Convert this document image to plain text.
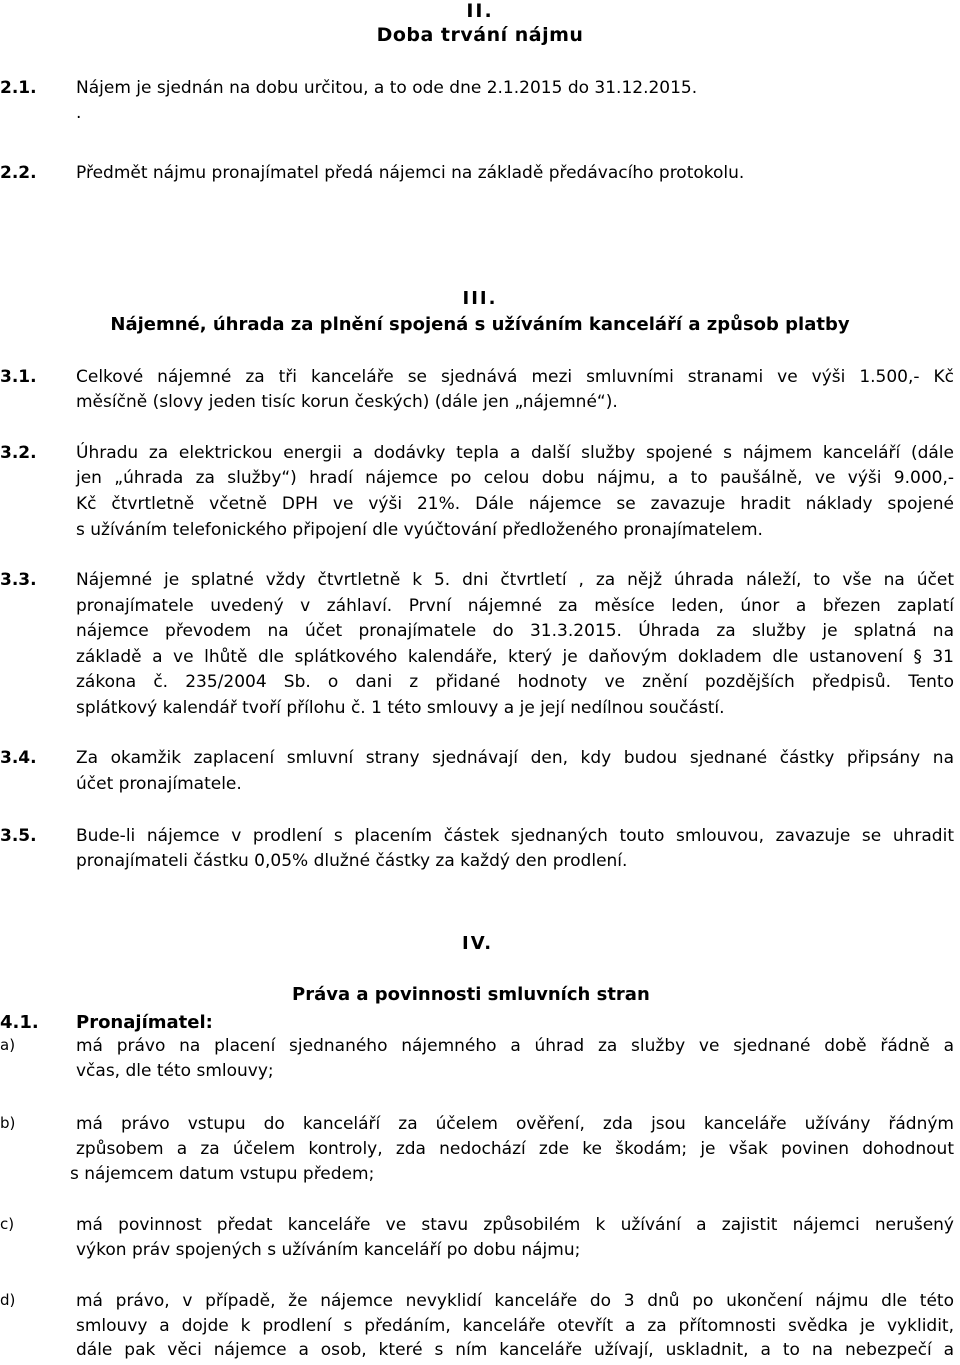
II.
Doba trvání nájmu
2.1. Nájem je sjednán na dobu určitou, a to ode dne 2.1.2015 do 31.12.2015.
.
2.2. Předmět nájmu pronajímatel předá nájemci na základě předávacího protokolu.
III.
Nájemné, úhrada za plnění spojená s užíváním kanceláří a způsob platby
3.1. Celkové nájemné za tři kanceláře se sjednává mezi smluvními stranami ve výši 1.500,- Kč
měsíčně (slovy jeden tisíc korun českých) (dále jen „nájemné“).
3.2. Úhradu za elektrickou energii a dodávky tepla a další služby spojené s nájmem kanceláří (dále
jen „úhrada za služby“) hradí nájemce po celou dobu nájmu, a to paušálně, ve výši 9.000,-
Kč čtvrtletně včetně DPH ve výši 21%. Dále nájemce se zavazuje hradit náklady spojené
s užíváním telefonického připojení dle vyúčtování předloženého pronajímatelem.
3.3. Nájemné je splatné vždy čtvrtletně k 5. dni čtvrtletí , za nějž úhrada náleží, to vše na účet
pronajímatele uvedený v záhlaví. První nájemné za měsíce leden, únor a březen zaplatí
nájemce převodem na účet pronajímatele do 31.3.2015. Úhrada za služby je splatná na
základě a ve lhůtě dle splátkového kalendáře, který je daňovým dokladem dle ustanovení § 31
zákona č. 235/2004 Sb. o dani z přidané hodnoty ve znění pozdějších předpisů. Tento
splátkový kalendář tvoří přílohu č. 1 této smlouvy a je její nedílnou součástí.
3.4. Za okamžik zaplacení smluvní strany sjednávají den, kdy budou sjednané částky připsány na
účet pronajímatele.
3.5. Bude-li nájemce v prodlení s placením částek sjednaných touto smlouvou, zavazuje se uhradit
pronajímateli částku 0,05% dlužné částky za každý den prodlení.
IV.
Práva a povinnosti smluvních stran
4.1. Pronajímatel:
a)	má právo na placení sjednaného nájemného a úhrad za služby ve sjednané době řádně a
včas, dle této smlouvy;
b)	má právo vstupu do kanceláří za účelem ověření, zda jsou kanceláře užívány řádným
způsobem a za účelem kontroly, zda nedochází zde ke škodám; je však povinen dohodnout
s nájemcem datum vstupu předem;
c)	má povinnost předat kanceláře ve stavu způsobilém k užívání a zajistit nájemci nerušený
výkon práv spojených s užíváním kanceláří po dobu nájmu;
d)	má právo, v případě, že nájemce nevyklidí kanceláře do 3 dnů po ukončení nájmu dle této
smlouvy a dojde k prodlení s předáním, kanceláře otevřít a za přítomnosti svědka je vyklidit,
dále pak věci nájemce a osob, které s ním kanceláře užívají, uskladnit, a to na nebezpečí a
